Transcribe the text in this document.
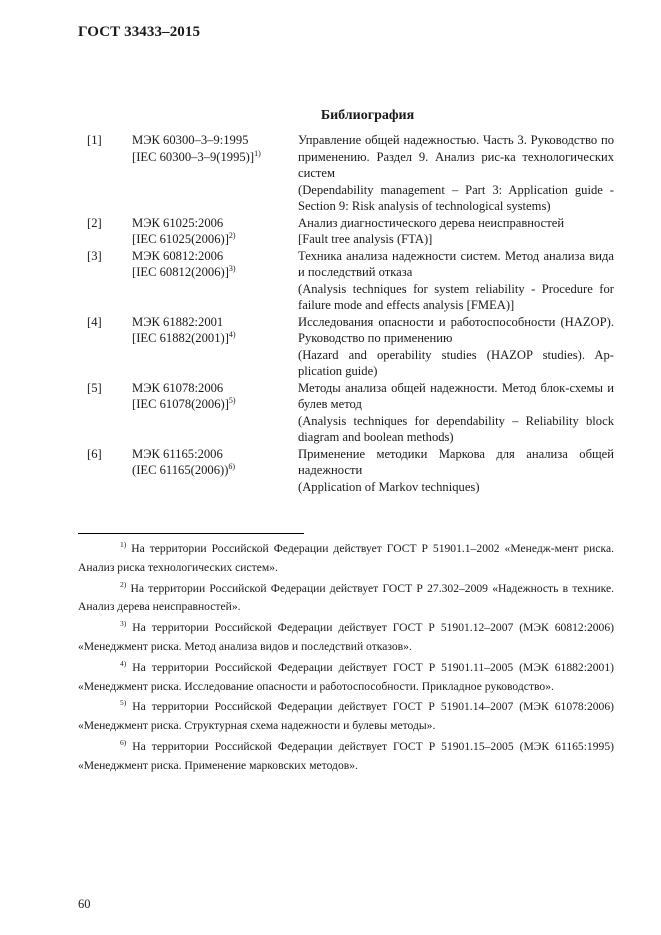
ГОСТ 33433–2015
Библиография
[1]	МЭК 60300–3–9:1995
[IEC 60300–3–9(1995)]$^{1)}$	Управление общей надежностью. Часть 3. Руководство по применению. Раздел 9. Анализ рис-ка технологических систем
(Dependability management – Part 3: Application guide - Section 9: Risk analysis of technological systems)

[2]	МЭК 61025:2006
[IEC 61025(2006)]$^{2)}$	Анализ диагностического дерева неисправностей
[Fault tree analysis (FTA)]

[3]	МЭК 60812:2006
[IEC 60812(2006)]$^{3)}$	Техника анализа надежности систем. Метод анализа вида и последствий отказа
(Analysis techniques for system reliability - Procedure for failure mode and effects analysis [FMEA)]

[4]	МЭК 61882:2001
[IEC 61882(2001)]$^{4)}$	Исследования опасности и работоспособности (HAZOP). Руководство по применению
(Hazard and operability studies (HAZOP studies). Ap-plication guide)

[5]	МЭК 61078:2006
[IEC 61078(2006)]$^{5)}$	Методы анализа общей надежности. Метод блок-схемы и булев метод
(Analysis techniques for dependability – Reliability block diagram and boolean methods)

[6]	МЭК 61165:2006
(IEC 61165(2006))$^{6)}$	Применение методики Маркова для анализа общей надежности
(Application of Markov techniques)

$^{1)}$ На территории Российской Федерации действует ГОСТ Р 51901.1–2002 «Менедж-мент риска. Анализ риска технологических систем».

$^{2)}$ На территории Российской Федерации действует ГОСТ Р 27.302–2009 «Надежность в технике. Анализ дерева неисправностей».

$^{3)}$ На территории Российской Федерации действует ГОСТ Р 51901.12–2007 (МЭК 60812:2006) «Менеджмент риска. Метод анализа видов и последствий отказов».

$^{4)}$ На территории Российской Федерации действует ГОСТ Р 51901.11–2005 (МЭК 61882:2001) «Менеджмент риска. Исследование опасности и работоспособности. Прикладное руководство».

$^{5)}$ На территории Российской Федерации действует ГОСТ Р 51901.14–2007 (МЭК 61078:2006) «Менеджмент риска. Структурная схема надежности и булевы методы».

$^{6)}$ На территории Российской Федерации действует ГОСТ Р 51901.15–2005 (МЭК 61165:1995) «Менеджмент риска. Применение марковских методов».

60
